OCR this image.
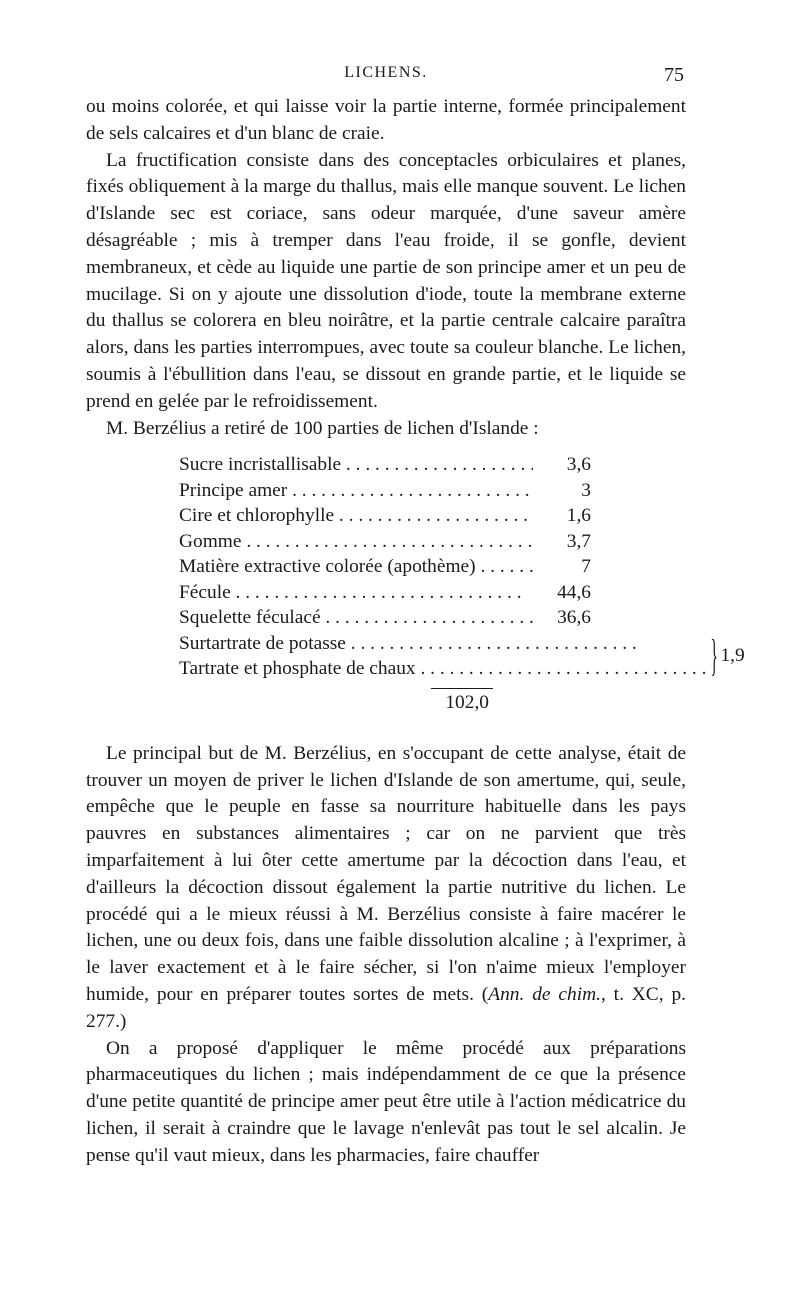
LICHENS.	75

ou moins colorée, et qui laisse voir la partie interne, formée principalement de sels calcaires et d'un blanc de craie.

La fructification consiste dans des conceptacles orbiculaires et planes, fixés obliquement à la marge du thallus, mais elle manque souvent. Le lichen d'Islande sec est coriace, sans odeur marquée, d'une saveur amère désagréable ; mis à tremper dans l'eau froide, il se gonfle, devient membraneux, et cède au liquide une partie de son principe amer et un peu de mucilage. Si on y ajoute une dissolution d'iode, toute la membrane externe du thallus se colorera en bleu noirâtre, et la partie centrale calcaire paraîtra alors, dans les parties interrompues, avec toute sa couleur blanche. Le lichen, soumis à l'ébullition dans l'eau, se dissout en grande partie, et le liquide se prend en gelée par le refroidissement.

M. Berzélius a retiré de 100 parties de lichen d'Islande :

Sucre incristallisable . . .	3,6
Principe amer . . .	3
Cire et chlorophylle . . .	1,6
Gomme . . .	3,7
Matière extractive colorée (apothème) . . .	7
Fécule . . .	44,6
Squelette féculacé . . .	36,6
Surtartrate de potasse . . .
Tartrate et phosphate de chaux . . .	} 1,9
102,0

Le principal but de M. Berzélius, en s'occupant de cette analyse, était de trouver un moyen de priver le lichen d'Islande de son amertume, qui, seule, empêche que le peuple en fasse sa nourriture habituelle dans les pays pauvres en substances alimentaires ; car on ne parvient que très imparfaitement à lui ôter cette amertume par la décoction dans l'eau, et d'ailleurs la décoction dissout également la partie nutritive du lichen. Le procédé qui a le mieux réussi à M. Berzélius consiste à faire macérer le lichen, une ou deux fois, dans une faible dissolution alcaline ; à l'exprimer, à le laver exactement et à le faire sécher, si l'on n'aime mieux l'employer humide, pour en préparer toutes sortes de mets. (Ann. de chim., t. XC, p. 277.)

On a proposé d'appliquer le même procédé aux préparations pharmaceutiques du lichen ; mais indépendamment de ce que la présence d'une petite quantité de principe amer peut être utile à l'action médicatrice du lichen, il serait à craindre que le lavage n'enlevât pas tout le sel alcalin. Je pense qu'il vaut mieux, dans les pharmacies, faire chauffer
